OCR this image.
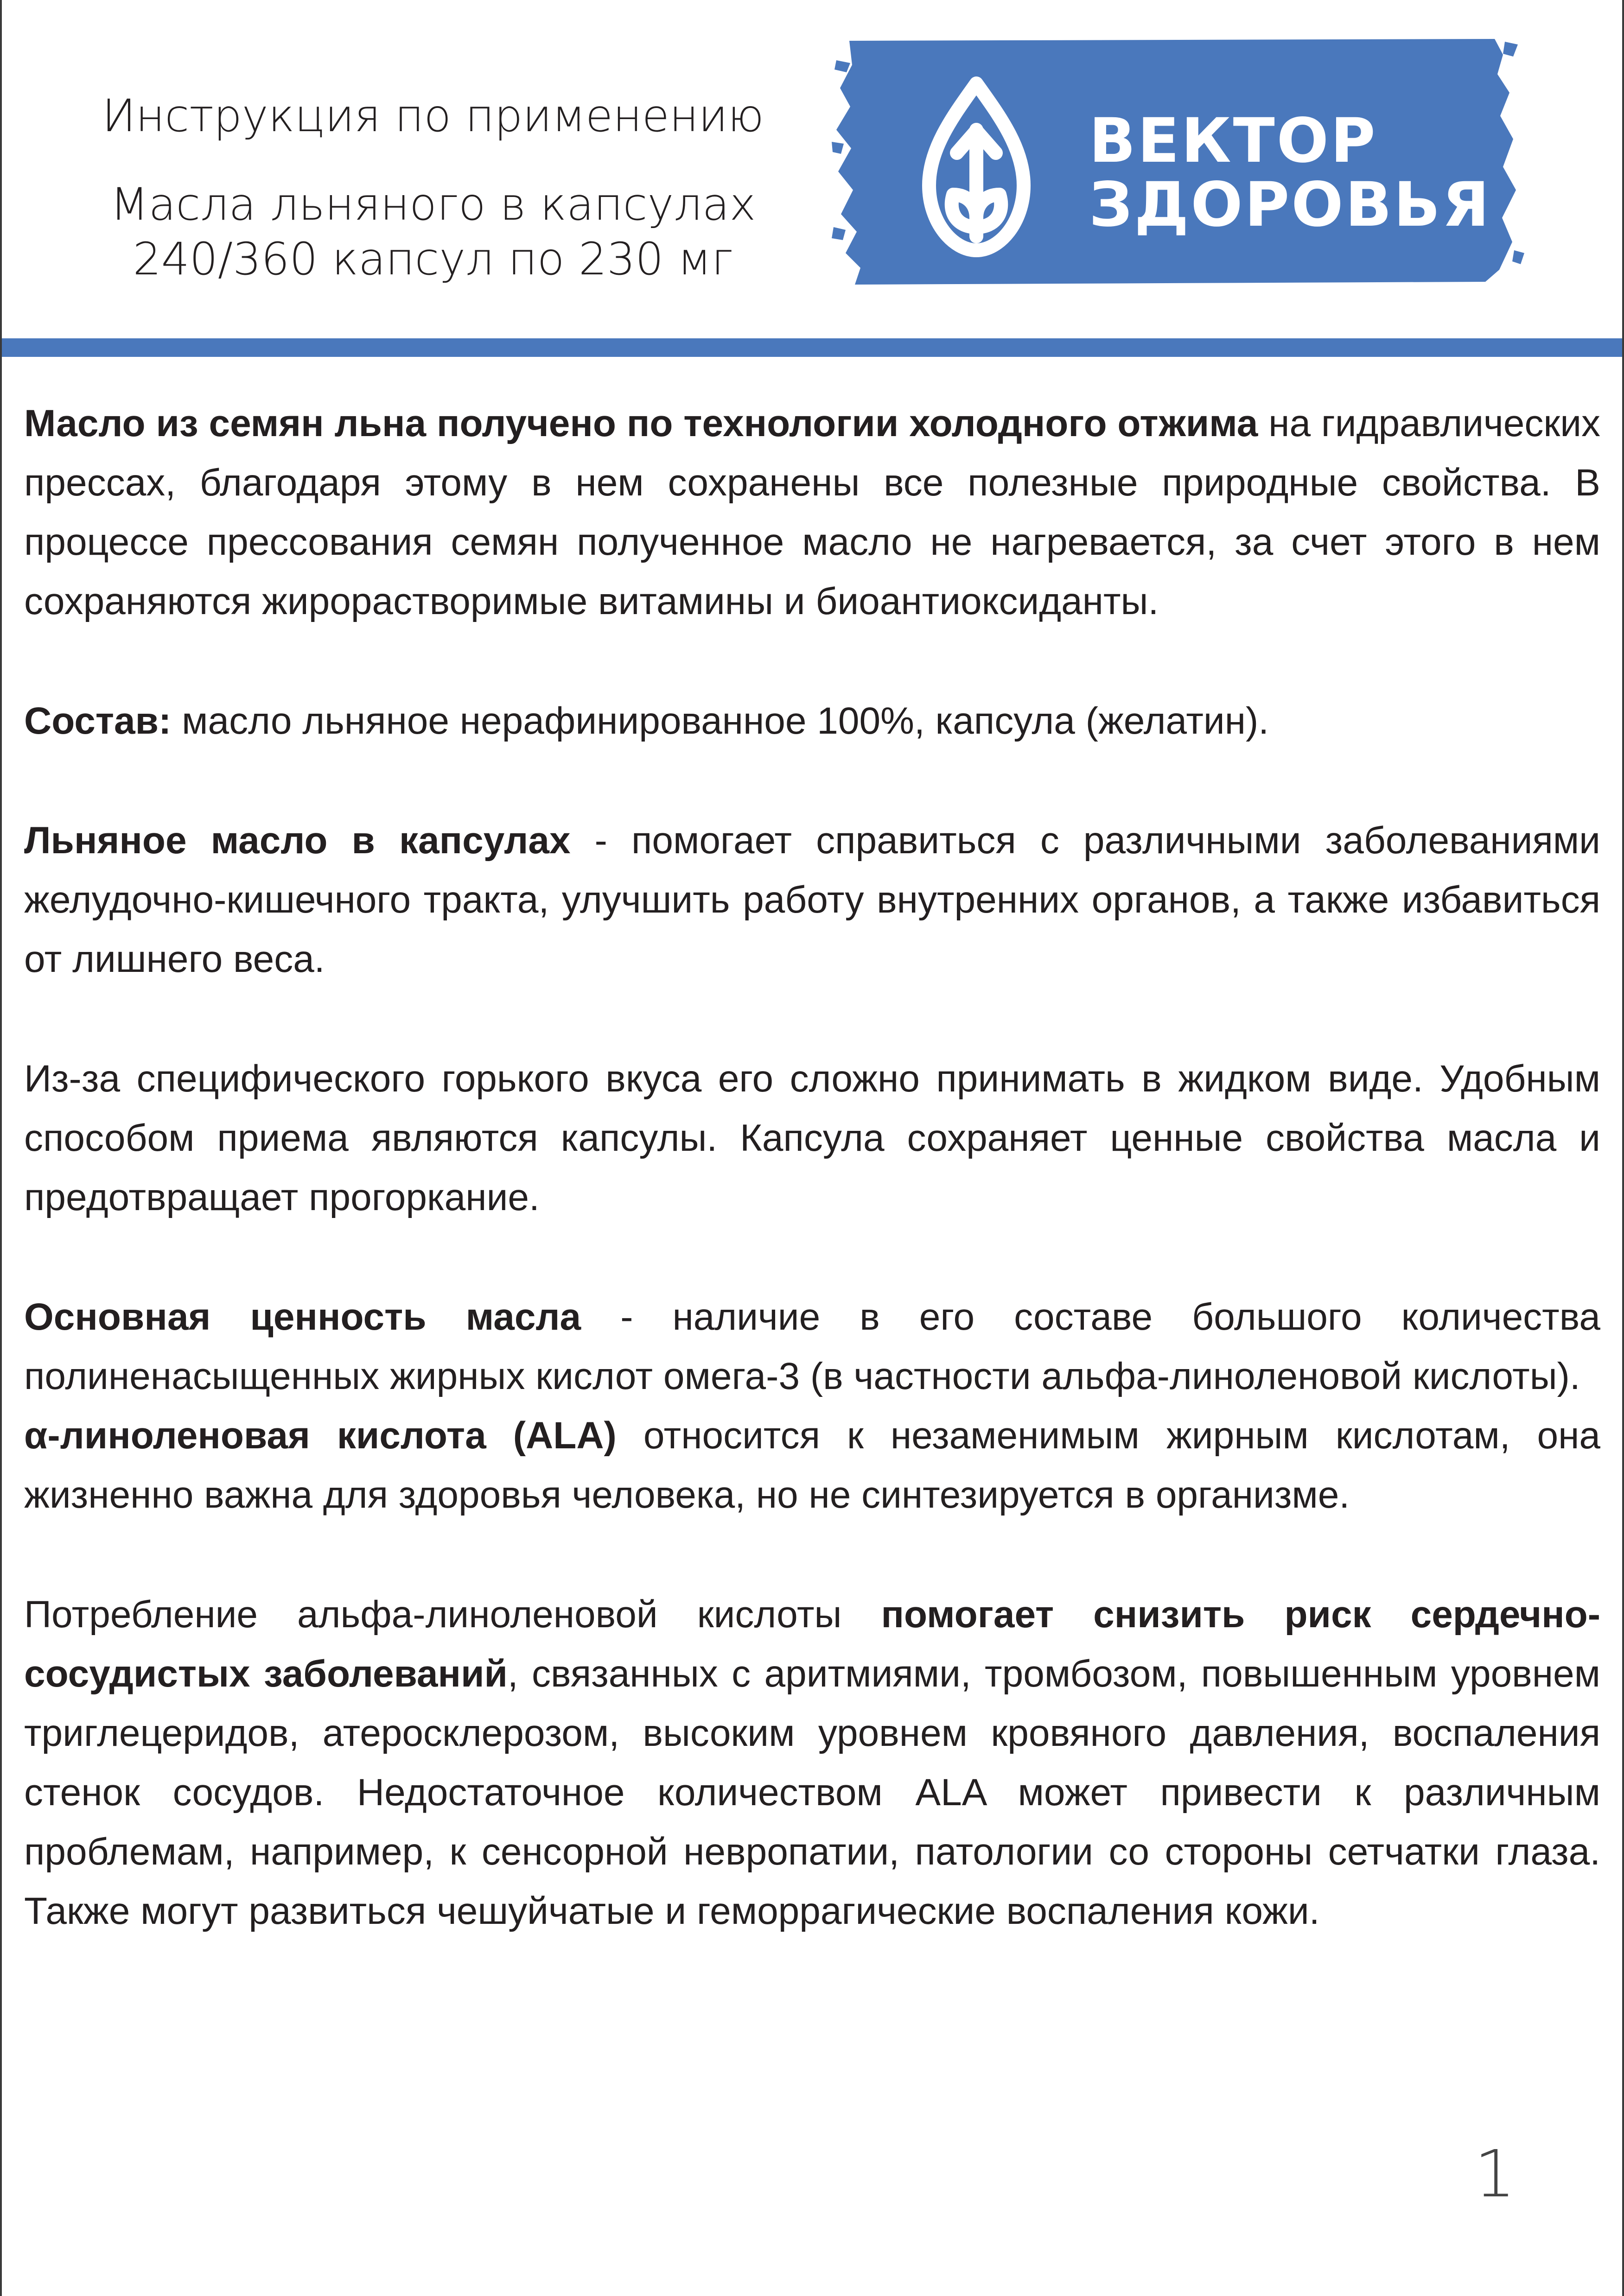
Инструкция по применению
Масла льняного в капсулах
240/360 капсул по 230 мг
ВЕКТОР
ЗДОРОВЬЯ

Масло из семян льна получено по технологии холодного отжима на гидравлических прессах, благодаря этому в нем сохранены все полезные природные свойства. В процессе прессования семян полученное масло не нагревается, за счет этого в нем сохраняются жирорастворимые витамины и биоантиоксиданты.

Состав: масло льняное нерафинированное 100%, капсула (желатин).

Льняное масло в капсулах - помогает справиться с различными заболеваниями желудочно-кишечного тракта, улучшить работу внутренних органов, а также избавиться от лишнего веса.

Из-за специфического горького вкуса его сложно принимать в жидком виде. Удобным способом приема являются капсулы. Капсула сохраняет ценные свойства масла и предотвращает прогоркание.

Основная ценность масла - наличие в его составе большого количества полиненасыщенных жирных кислот омега-3 (в частности альфа-линоленовой кислоты).

α-линоленовая кислота (ALA) относится к незаменимым жирным кислотам, она жизненно важна для здоровья человека, но не синтезируется в организме.

Потребление альфа-линоленовой кислоты помогает снизить риск сердечно-сосудистых заболеваний, связанных с аритмиями, тромбозом, повышенным уровнем триглецеридов, атеросклерозом, высоким уровнем кровяного давления, воспаления стенок сосудов. Недостаточное количеством ALA может привести к различным проблемам, например, к сенсорной невропатии, патологии со стороны сетчатки глаза. Также могут развиться чешуйчатые и геморрагические воспаления кожи.

1
